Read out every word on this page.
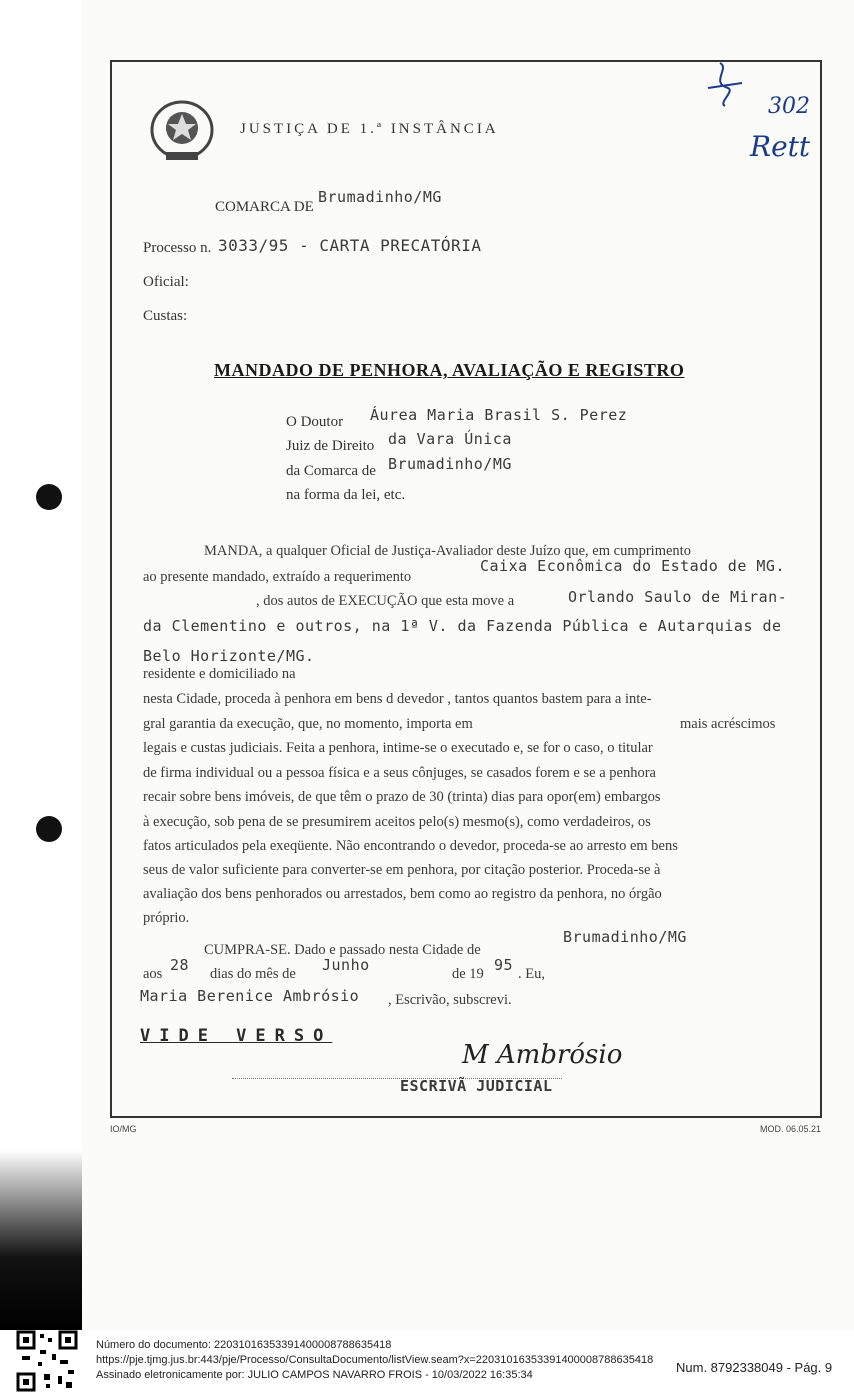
JUSTIÇA DE 1.ª INSTÂNCIA
COMARCA DE
Brumadinho/MG
Processo n. 3033/95 - CARTA PRECATÓRIA
Oficial:
Custas:
302
Rett
MANDADO DE PENHORA, AVALIAÇÃO E REGISTRO
O Doutor Áurea Maria Brasil S. Perez
Juiz de Direito da Vara Única
da Comarca de Brumadinho/MG
na forma da lei, etc.
MANDA, a qualquer Oficial de Justiça-Avaliador deste Juízo que, em cumprimento
ao presente mandado, extraído a requerimento
Caixa Econômica do Estado de MG.
, dos autos de EXECUÇÃO que esta move a	Orlando Saulo de Miran-
da Clementino e outros, na 1ª V. da Fazenda Pública e Autarquias de
Belo Horizonte/MG.
residente e domiciliado na
nesta Cidade, proceda à penhora em bens d devedor , tantos quantos bastem para a inte-
gral garantia da execução, que, no momento, importa em	mais acréscimos
legais e custas judiciais. Feita a penhora, intime-se o executado e, se for o caso, o titular
de firma individual ou a pessoa física e a seus cônjuges, se casados forem e se a penhora
recair sobre bens imóveis, de que têm o prazo de 30 (trinta) dias para opor(em) embargos
à execução, sob pena de se presumirem aceitos pelo(s) mesmo(s), como verdadeiros, os
fatos articulados pela exeqüente. Não encontrando o devedor, proceda-se ao arresto em bens
seus de valor suficiente para converter-se em penhora, por citação posterior. Proceda-se à
avaliação dos bens penhorados ou arrestados, bem como ao registro da penhora, no órgão
próprio.
CUMPRA-SE. Dado e passado nesta Cidade de
Brumadinho/MG
aos 28 dias do mês de Junho	de 19 95 . Eu,
Maria Berenice Ambrósio , Escrivão, subscrevi.
VIDE VERSO
M Ambrósio
ESCRIVÃ JUDICIAL
IO/MG	MOD. 06.05.21
Número do documento: 22031016353391400008788635418
https://pje.tjmg.jus.br:443/pje/Processo/ConsultaDocumento/listView.seam?x=22031016353391400008788635418
Assinado eletronicamente por: JULIO CAMPOS NAVARRO FROIS - 10/03/2022 16:35:34	Num. 8792338049 - Pág. 9
